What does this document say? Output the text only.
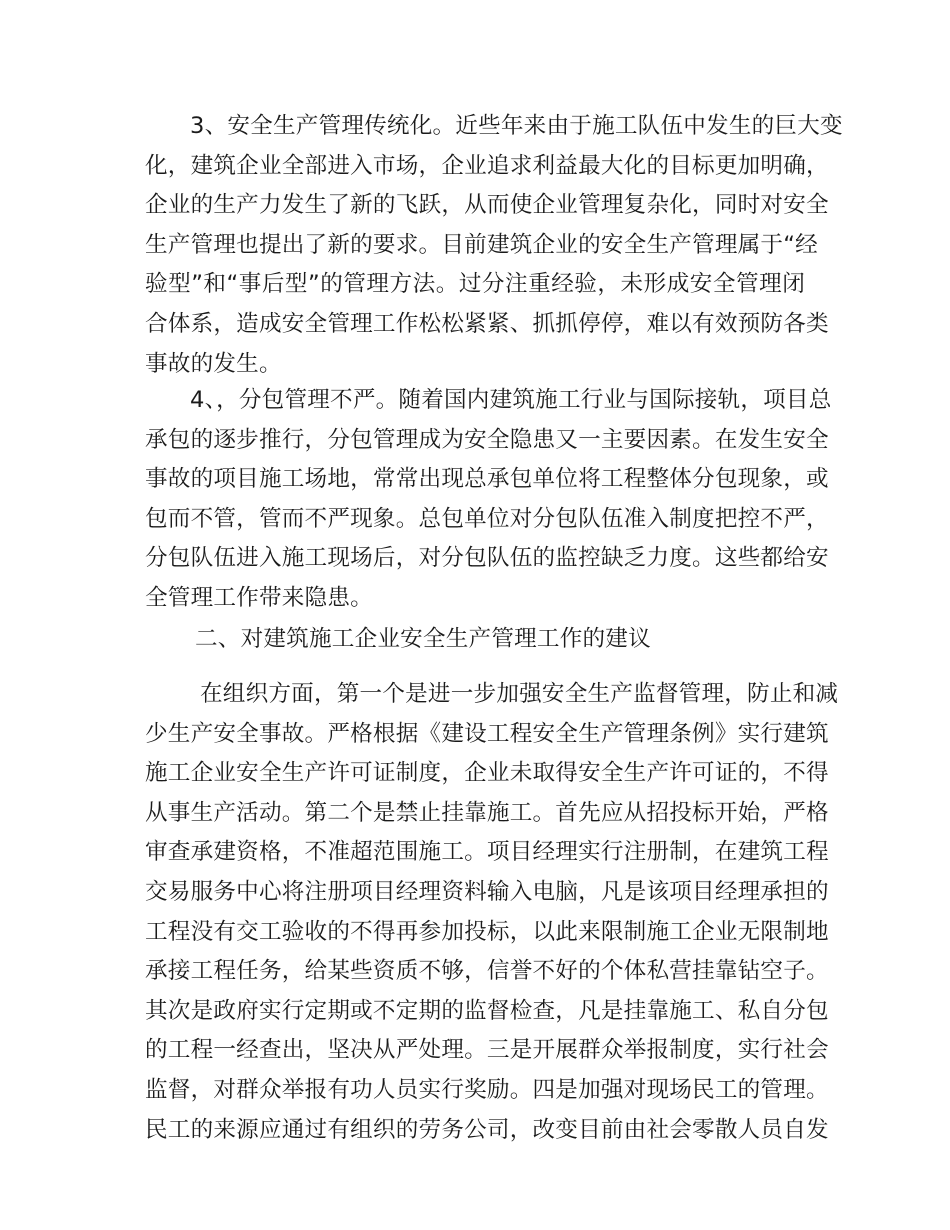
3、安全生产管理传统化。近些年来由于施工队伍中发生的巨大变
化，建筑企业全部进入市场，企业追求利益最大化的目标更加明确，
企业的生产力发生了新的飞跃，从而使企业管理复杂化，同时对安全
生产管理也提出了新的要求。目前建筑企业的安全生产管理属于“经
验型”和“事后型”的管理方法。过分注重经验，未形成安全管理闭
合体系，造成安全管理工作松松紧紧、抓抓停停，难以有效预防各类
事故的发生。
4、，分包管理不严。随着国内建筑施工行业与国际接轨，项目总
承包的逐步推行，分包管理成为安全隐患又一主要因素。在发生安全
事故的项目施工场地，常常出现总承包单位将工程整体分包现象，或
包而不管，管而不严现象。总包单位对分包队伍准入制度把控不严，
分包队伍进入施工现场后，对分包队伍的监控缺乏力度。这些都给安
全管理工作带来隐患。
二、对建筑施工企业安全生产管理工作的建议
在组织方面，第一个是进一步加强安全生产监督管理，防止和减
少生产安全事故。严格根据《建设工程安全生产管理条例》实行建筑
施工企业安全生产许可证制度，企业未取得安全生产许可证的，不得
从事生产活动。第二个是禁止挂靠施工。首先应从招投标开始，严格
审查承建资格，不准超范围施工。项目经理实行注册制，在建筑工程
交易服务中心将注册项目经理资料输入电脑，凡是该项目经理承担的
工程没有交工验收的不得再参加投标，以此来限制施工企业无限制地
承接工程任务，给某些资质不够，信誉不好的个体私营挂靠钻空子。
其次是政府实行定期或不定期的监督检查，凡是挂靠施工、私自分包
的工程一经查出，坚决从严处理。三是开展群众举报制度，实行社会
监督，对群众举报有功人员实行奖励。四是加强对现场民工的管理。
民工的来源应通过有组织的劳务公司，改变目前由社会零散人员自发
